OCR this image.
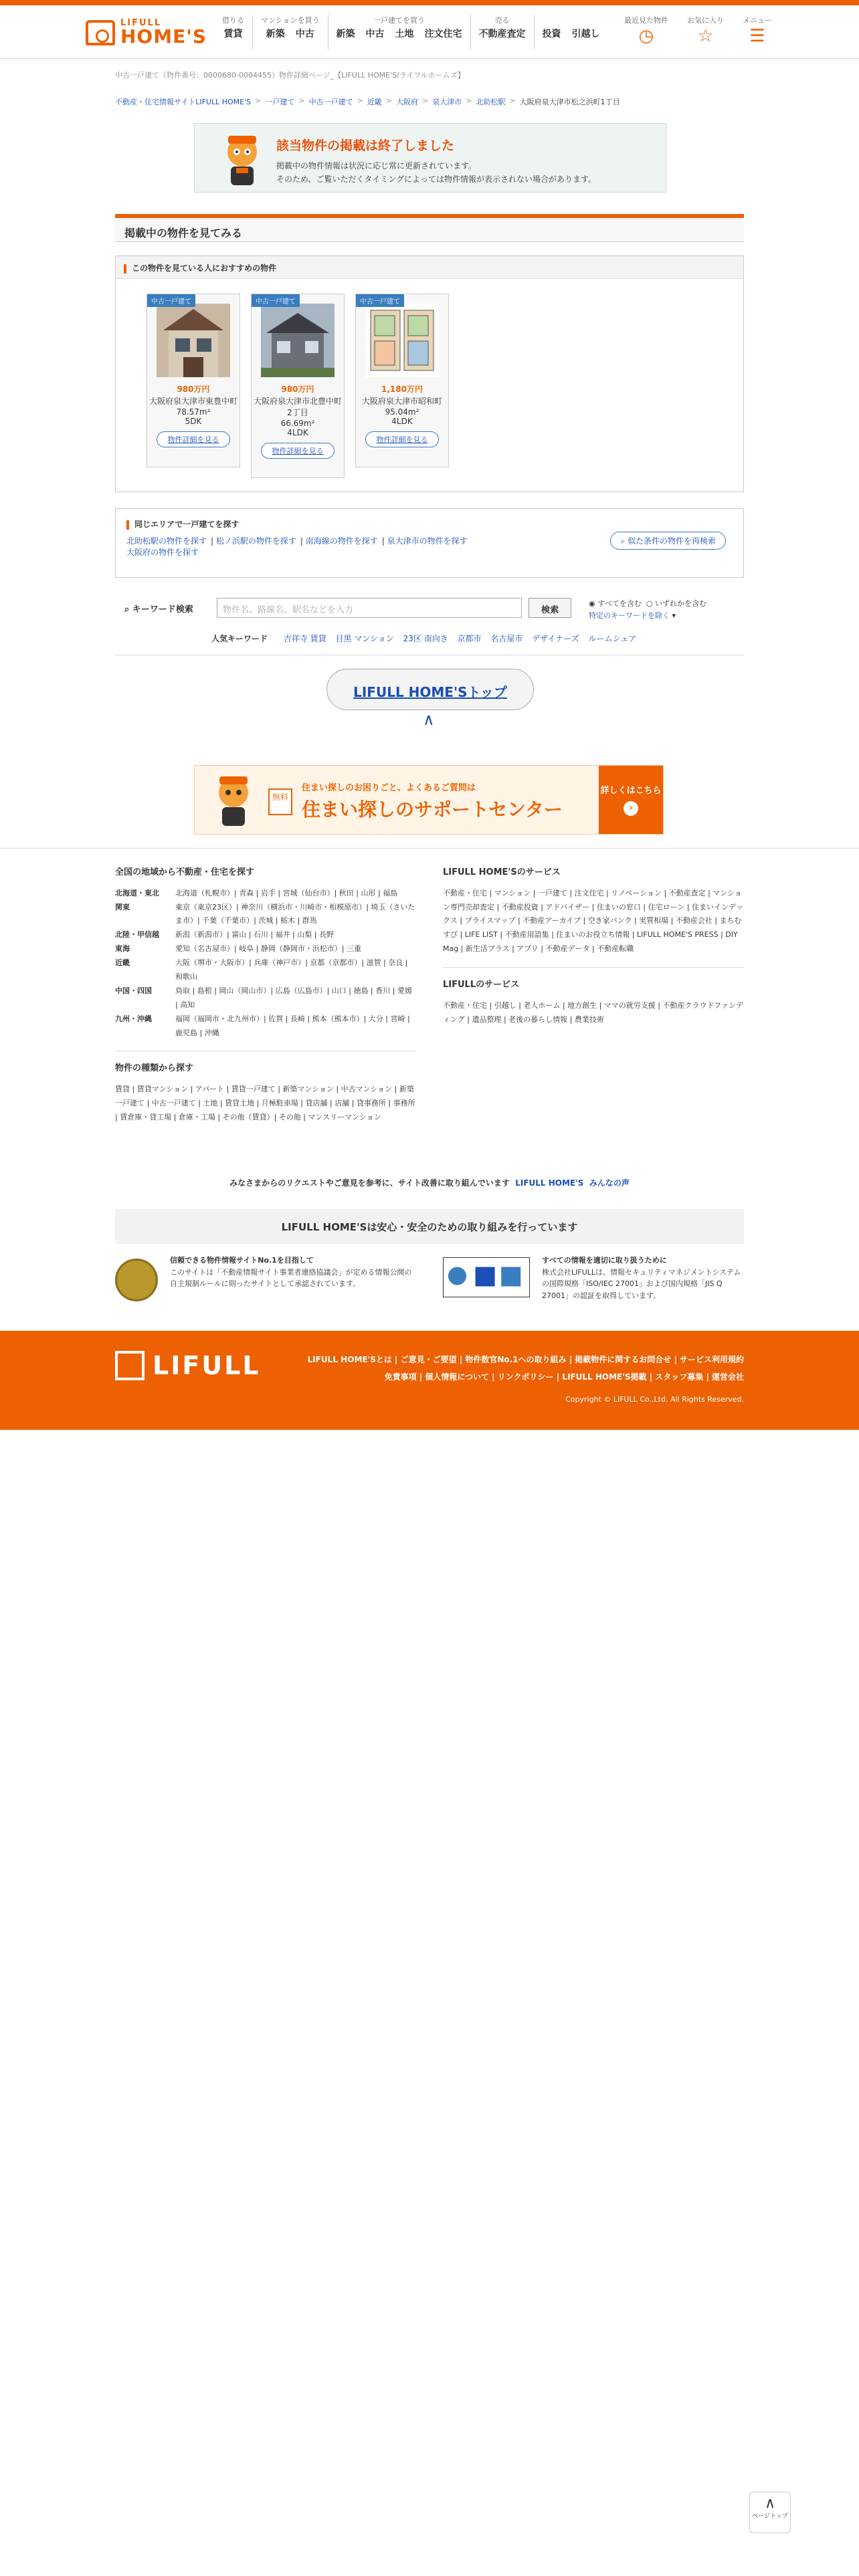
LIFULL
HOME'S
借りる
賃貸
マンションを買う
新築 中古
一戸建てを買う
新築 中古 土地 注文住宅
売る
不動産査定 投資 引越し
最近見た物件
◷
お気に入り
☆
メニュー
☰
中古一戸建て（物件番号：0000680-0004455）物件詳細ページ_【LIFULL HOME'S/ライフルホームズ】
不動産・住宅情報サイトLIFULL HOME'S > 一戸建て > 中古一戸建て > 近畿 > 大阪府 > 泉大津市 > 北助松駅 > 大阪府泉大津市松之浜町1丁目
該当物件の掲載は終了しました
掲載中の物件情報は状況に応じ常に更新されています。
そのため、ご覧いただくタイミングによっては物件情報が表示されない場合があります。
掲載中の物件を見てみる
この物件を見ている人におすすめの物件
中古一戸建て
980万円
大阪府泉大津市東豊中町
78.57m²
5DK
物件詳細を見る
中古一戸建て
980万円
大阪府泉大津市北豊中町2丁目
66.69m²
4LDK
物件詳細を見る
中古一戸建て
1,180万円
大阪府泉大津市昭和町
95.04m²
4LDK
物件詳細を見る
同じエリアで一戸建てを探す
北助松駅の物件を探す | 松ノ浜駅の物件を探す | 南海線の物件を探す | 泉大津市の物件を探す
大阪府の物件を探す
⌕ 似た条件の物件を再検索
⌕ キーワード検索	物件名、路線名、駅名などを入力	検索
◉ すべてを含む ○ いずれかを含む
特定のキーワードを除く ▾
人気キーワード 吉祥寺 賃貸 目黒 マンション 23区 南向き 京都市 名古屋市 デザイナーズ ルームシェア
LIFULL HOME'Sトップ
∧
無料
住まい探しのお困りごと、よくあるご質問は
住まい探しのサポートセンター
詳しくはこちら
›
全国の地域から不動産・住宅を探す
北海道・東北	北海道（札幌市）| 青森 | 岩手 | 宮城（仙台市）| 秋田 | 山形 | 福島
関東	東京（東京23区）| 神奈川（横浜市・川崎市・相模原市）| 埼玉（さいたま市）| 千葉（千葉市）| 茨城 | 栃木 | 群馬
北陸・甲信越	新潟（新潟市）| 富山 | 石川 | 福井 | 山梨 | 長野
東海	愛知（名古屋市）| 岐阜 | 静岡（静岡市・浜松市）| 三重
近畿	大阪（堺市・大阪市）| 兵庫（神戸市）| 京都（京都市）| 滋賀 | 奈良 | 和歌山
中国・四国	鳥取 | 島根 | 岡山（岡山市）| 広島（広島市）| 山口 | 徳島 | 香川 | 愛媛 | 高知
九州・沖縄	福岡（福岡市・北九州市）| 佐賀 | 長崎 | 熊本（熊本市）| 大分 | 宮崎 | 鹿児島 | 沖縄
物件の種類から探す
賃貸 | 賃貸マンション | アパート | 賃貸一戸建て | 新築マンション | 中古マンション | 新築一戸建て | 中古一戸建て | 土地 | 賃貸土地 | 月極駐車場 | 貸店舗 | 店舗 | 貸事務所 | 事務所 | 賃倉庫・貸工場 | 倉庫・工場 | その他（賃貸）| その他 | マンスリーマンション
LIFULL HOME'Sのサービス
不動産・住宅 | マンション | 一戸建て | 注文住宅 | リノベーション | 不動産査定 | マンション専門売却査定 | 不動産投資 | アドバイザー | 住まいの窓口 | 住宅ローン | 住まいインデックス | プライスマップ | 不動産アーカイブ | 空き家バンク | 実質相場 | 不動産会社 | まちむすび | LIFE LIST | 不動産用語集 | 住まいのお役立ち情報 | LIFULL HOME'S PRESS | DIY Mag | 新生活プラス | アプリ | 不動産データ | 不動産転職
LIFULLのサービス
不動産・住宅 | 引越し | 老人ホーム | 地方創生 | ママの就労支援 | 不動産クラウドファンディング | 遺品整理 | 老後の暮らし情報 | 農業技術
みなさまからのリクエストやご意見を参考に、サイト改善に取り組んでいます LIFULL HOME'S みんなの声
LIFULL HOME'Sは安心・安全のための取り組みを行っています
信頼できる物件情報サイトNo.1を目指して
このサイトは「不動産情報サイト事業者連絡協議会」が定める情報公開の自主規制ルールに則ったサイトとして承認されています。
すべての情報を適切に取り扱うために
株式会社LIFULLは、情報セキュリティマネジメントシステムの国際規格「ISO/IEC 27001」および国内規格「JIS Q 27001」の認証を取得しています。
LIFULL	LIFULL HOME'Sとは | ご意見・ご要望 | 物件数官No.1への取り組み | 掲載物件に関するお問合せ | サービス利用規約
免責事項 | 個人情報について | リンクポリシー | LIFULL HOME'S掲載 | スタッフ募集 | 運営会社
Copyright © LIFULL Co.,Ltd. All Rights Reserved.
∧
ページトップ
